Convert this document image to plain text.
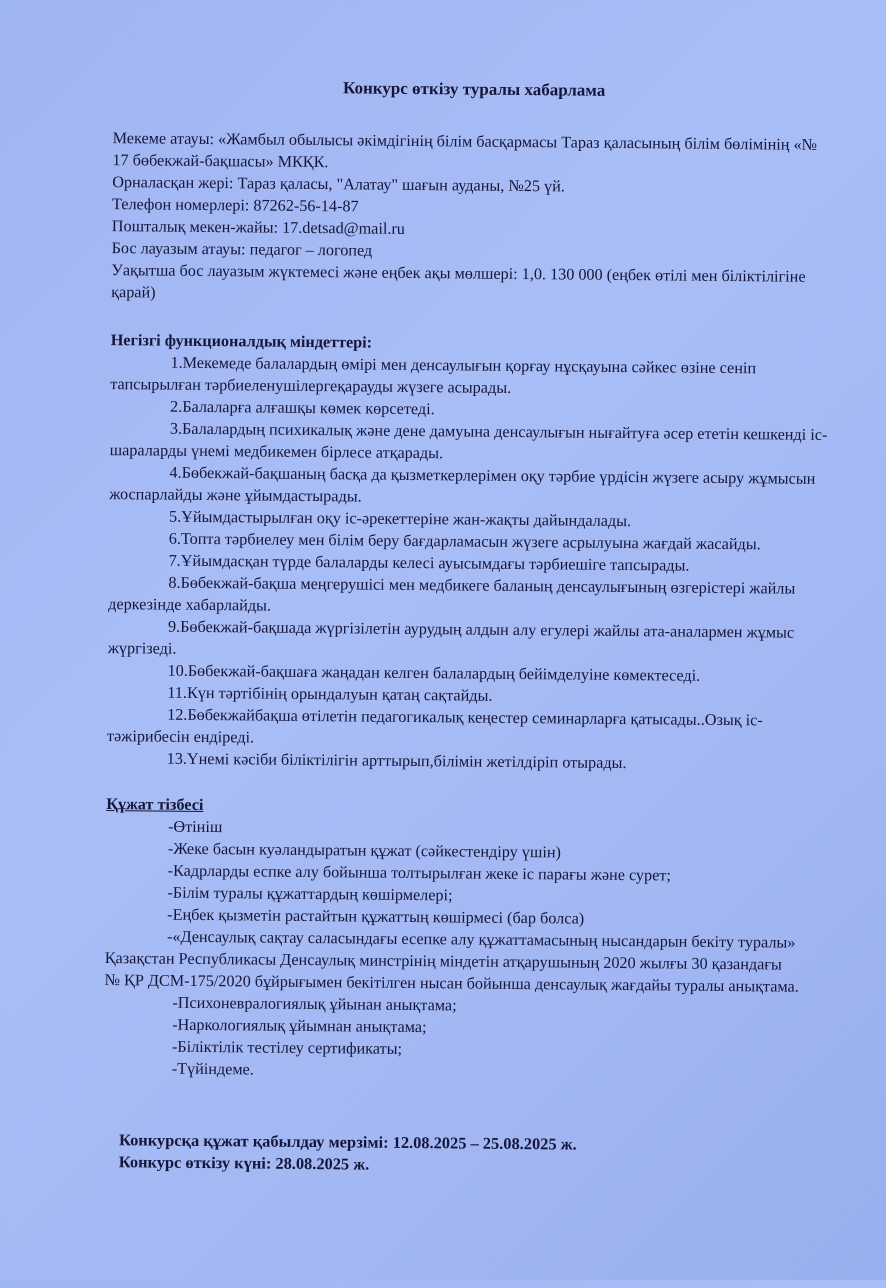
Конкурс өткізу туралы хабарлама

Мекеме атауы: «Жамбыл обылысы әкімдігінің білім басқармасы Тараз қаласының білім бөлімінің «№ 17 бөбекжай-бақшасы» МКҚК.

Орналасқан жері: Тараз қаласы, "Алатау" шағын ауданы, №25 үй.

Телефон номерлері: 87262-56-14-87

Пошталық мекен-жайы: 17.detsad@mail.ru

Бос лауазым атауы: педагог – логопед

Уақытша бос лауазым жүктемесі және еңбек ақы мөлшері: 1,0. 130 000 (еңбек өтілі мен біліктілігіне қарай)

Негізгі функционалдық міндеттері:

1.Мекемеде балалардың өмірі мен денсаулығын қорғау нұсқауына сәйкес өзіне сеніп тапсырылған тәрбиеленушілергеқарауды жүзеге асырады.

2.Балаларға алғашқы көмек көрсетеді.

3.Балалардың психикалық және дене дамуына денсаулығын нығайтуға әсер ететін кешкенді іс-шараларды үнемі медбикемен бірлесе атқарады.

4.Бөбекжай-бақшаның басқа да қызметкерлерімен оқу тәрбие үрдісін жүзеге асыру жұмысын жоспарлайды және ұйымдастырады.

5.Ұйымдастырылған оқу іс-әрекеттеріне жан-жақты дайындалады.

6.Топта тәрбиелеу мен білім беру бағдарламасын жүзеге асрылуына жағдай жасайды.

7.Ұйымдасқан түрде балаларды келесі ауысымдағы тәрбиешіге тапсырады.

8.Бөбекжай-бақша меңгерушісі мен медбикеге баланың денсаулығының өзгерістері жайлы деркезінде хабарлайды.

9.Бөбекжай-бақшада жүргізілетін аурудың алдын алу егулері жайлы ата-аналармен жұмыс жүргізеді.

10.Бөбекжай-бақшаға жаңадан келген балалардың бейімделуіне көмектеседі.

11.Күн тәртібінің орындалуын қатаң сақтайды.

12.Бөбекжайбақша өтілетін педагогикалық кеңестер семинарларға қатысады..Озық іс-тәжірибесін ендіреді.

13.Үнемі кәсіби біліктілігін арттырып,білімін жетілдіріп отырады.

Құжат тізбесі

-Өтініш

-Жеке басын куәландыратын құжат (сәйкестендіру үшін)

-Кадрларды еспке алу бойынша толтырылған жеке іс парағы және сурет;

-Білім туралы құжаттардың көшірмелері;

-Еңбек қызметін растайтын құжаттың көшірмесі (бар болса)

-«Денсаулық сақтау саласындағы есепке алу құжаттамасының нысандарын бекіту туралы» Қазақстан Республикасы Денсаулық минстрінің міндетін атқарушының 2020 жылғы 30 қазандағы

№ ҚР ДСМ-175/2020 бұйрығымен бекітілген нысан бойынша денсаулық жағдайы туралы анықтама.

-Психоневралогиялық ұйынан анықтама;

-Наркологиялық ұйымнан анықтама;

-Біліктілік тестілеу сертификаты;

-Түйіндеме.

Конкурсқа құжат қабылдау мерзімі: 12.08.2025 – 25.08.2025 ж.

Конкурс өткізу күні: 28.08.2025 ж.
